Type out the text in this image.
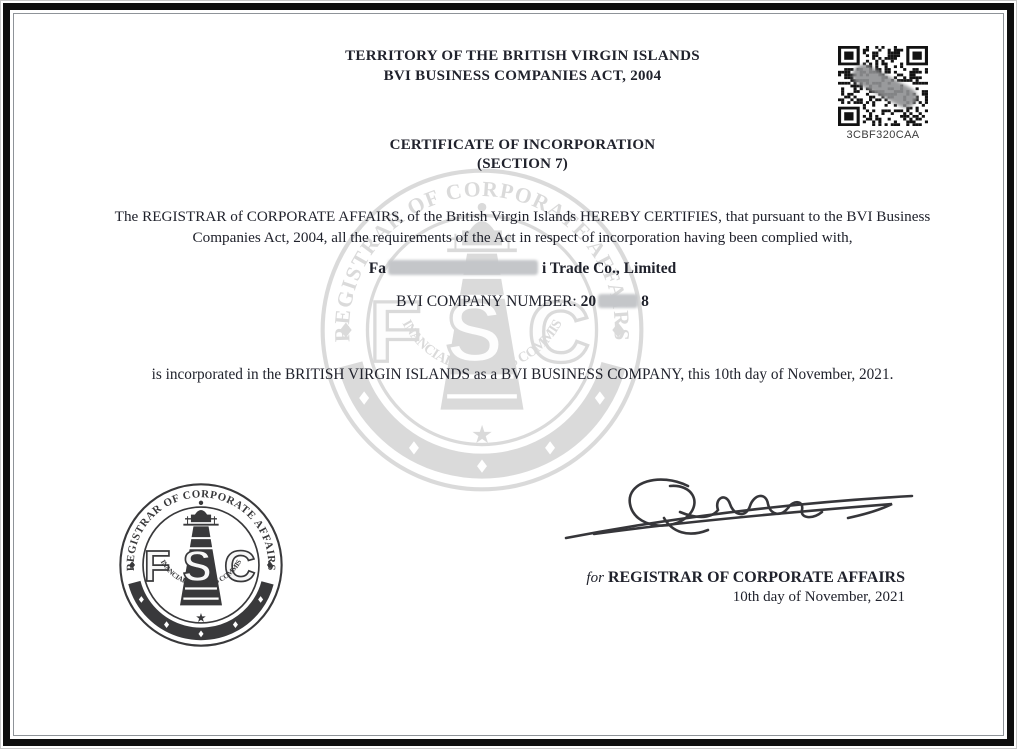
TERRITORY OF THE BRITISH VIRGIN ISLANDS
BVI BUSINESS COMPANIES ACT, 2004
3CBF320CAA
CERTIFICATE OF INCORPORATION
(SECTION 7)
The REGISTRAR of CORPORATE AFFAIRS, of the British Virgin Islands HEREBY CERTIFIES, that pursuant to the BVI Business
Companies Act, 2004, all the requirements of the Act in respect of incorporation having been complied with,
Fa	i Trade Co., Limited
BVI COMPANY NUMBER: 20	8
is incorporated in the BRITISH VIRGIN ISLANDS as a BVI BUSINESS COMPANY, this 10th day of November, 2021.
for REGISTRAR OF CORPORATE AFFAIRS
10th day of November, 2021
